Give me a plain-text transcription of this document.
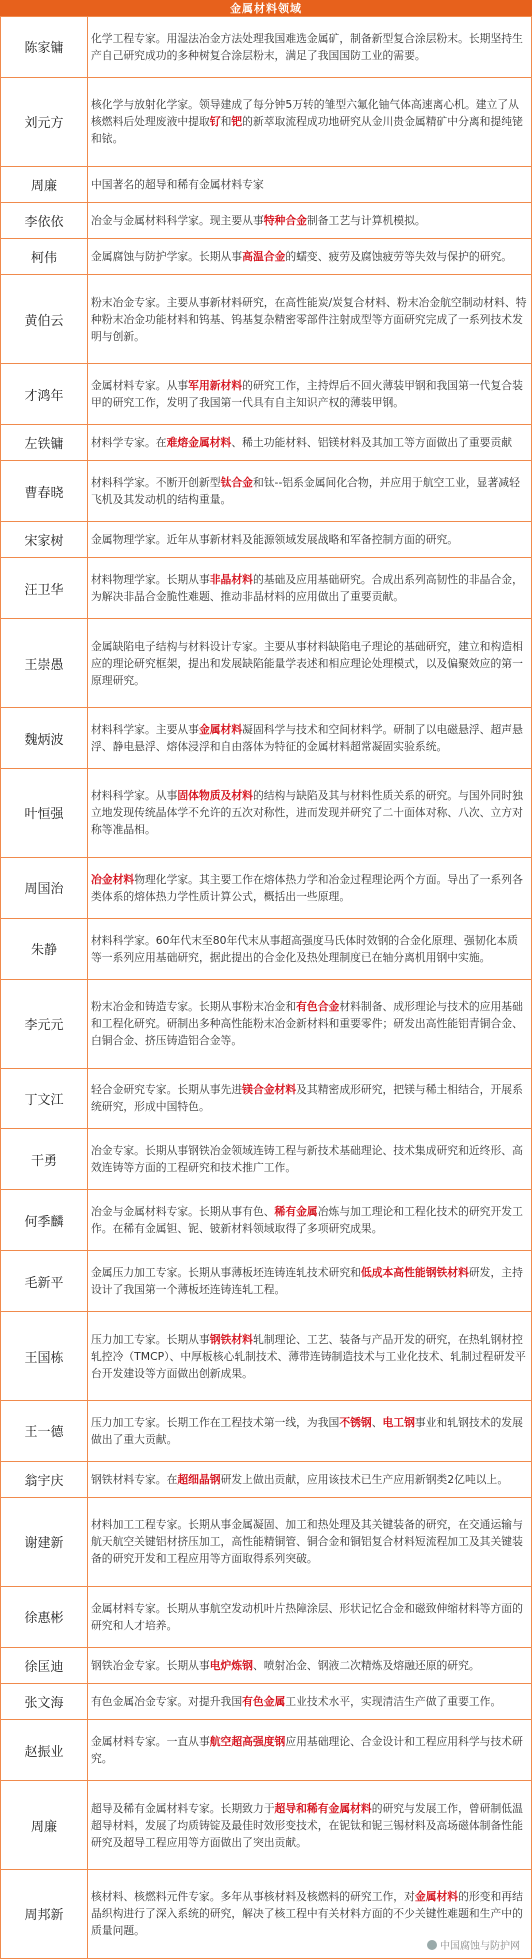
金属材料领域
陈家镛	化学工程专家。用湿法冶金方法处理我国难选金属矿，制备新型复合涂层粉末。长期坚持生产自己研究成功的多种树复合涂层粉末，满足了我国国防工业的需要。
刘元方	核化学与放射化学家。领导建成了每分钟5万转的雏型六氟化铀气体高速离心机。建立了从核燃料后处理废液中提取钌和钯的新萃取流程成功地研究从金川贵金属精矿中分离和提纯铑和铱。
周廉	中国著名的超导和稀有金属材料专家
李依依	冶金与金属材料科学家。现主要从事特种合金制备工艺与计算机模拟。
柯伟	金属腐蚀与防护学家。长期从事高温合金的蠕变、疲劳及腐蚀疲劳等失效与保护的研究。
黄伯云	粉末冶金专家。主要从事新材料研究，在高性能炭/炭复合材料、粉末冶金航空制动材料、特种粉末冶金功能材料和钨基、钨基复杂精密零部件注射成型等方面研究完成了一系列技术发明与创新。
才鸿年	金属材料专家。从事军用新材料的研究工作，主持焊后不回火薄装甲钢和我国第一代复合装甲的研究工作，发明了我国第一代具有自主知识产权的薄装甲钢。
左铁镛	材料学专家。在难熔金属材料、稀土功能材料、铝镁材料及其加工等方面做出了重要贡献
曹春晓	材料科学家。不断开创新型钛合金和钛--铝系金属间化合物，并应用于航空工业，显著减轻飞机及其发动机的结构重量。
宋家树	金属物理学家。近年从事新材料及能源领域发展战略和军备控制方面的研究。
汪卫华	材料物理学家。长期从事非晶材料的基础及应用基础研究。合成出系列高韧性的非晶合金，为解决非晶合金脆性难题、推动非晶材料的应用做出了重要贡献。
王崇愚	金属缺陷电子结构与材料设计专家。主要从事材料缺陷电子理论的基础研究，建立和构造相应的理论研究框架，提出和发展缺陷能量学表述和相应理论处理模式，以及偏聚效应的第一原理研究。
魏炳波	材料科学家。主要从事金属材料凝固科学与技术和空间材料学。研制了以电磁悬浮、超声悬浮、静电悬浮、熔体浸浮和自由落体为特征的金属材料超常凝固实验系统。
叶恒强	材料科学家。从事固体物质及材料的结构与缺陷及其与材料性质关系的研究。与国外同时独立地发现传统晶体学不允许的五次对称性，进而发现并研究了二十面体对称、八次、立方对称等准晶相。
周国治	冶金材料物理化学家。其主要工作在熔体热力学和冶金过程理论两个方面。导出了一系列各类体系的熔体热力学性质计算公式，概括出一些原理。
朱静	材料科学家。60年代末至80年代末从事超高强度马氏体时效钢的合金化原理、强韧化本质等一系列应用基础研究，据此提出的合金化及热处理制度已在轴分离机用钢中实施。
李元元	粉末冶金和铸造专家。长期从事粉末冶金和有色合金材料制备、成形理论与技术的应用基础和工程化研究。研制出多种高性能粉末冶金新材料和重要零件；研发出高性能铝青铜合金、白铜合金、挤压铸造铝合金等。
丁文江	轻合金研究专家。长期从事先进镁合金材料及其精密成形研究，把镁与稀土相结合，开展系统研究，形成中国特色。
干勇	冶金专家。长期从事钢铁冶金领域连铸工程与新技术基础理论、技术集成研究和近终形、高效连铸等方面的工程研究和技术推广工作。
何季麟	冶金与金属材料专家。长期从事有色、稀有金属冶炼与加工理论和工程化技术的研究开发工作。在稀有金属钽、铌、铍新材料领域取得了多项研究成果。
毛新平	金属压力加工专家。长期从事薄板坯连铸连轧技术研究和低成本高性能钢铁材料研发，主持设计了我国第一个薄板坯连铸连轧工程。
王国栋	压力加工专家。长期从事钢铁材料轧制理论、工艺、装备与产品开发的研究，在热轧钢材控轧控冷（TMCP）、中厚板核心轧制技术、薄带连铸制造技术与工业化技术、轧制过程研发平台开发建设等方面做出创新成果。
王一德	压力加工专家。长期工作在工程技术第一线，为我国不锈钢、电工钢事业和轧钢技术的发展做出了重大贡献。
翁宇庆	钢铁材料专家。在超细晶钢研发上做出贡献，应用该技术已生产应用新钢类2亿吨以上。
谢建新	材料加工工程专家。长期从事金属凝固、加工和热处理及其关键装备的研究，在交通运输与航天航空关键铝材挤压加工，高性能精铜管、铜合金和铜铝复合材料短流程加工及其关键装备的研究开发和工程应用等方面取得系列突破。
徐惠彬	金属材料专家。长期从事航空发动机叶片热障涂层、形状记忆合金和磁致伸缩材料等方面的研究和人才培养。
徐匡迪	钢铁冶金专家。长期从事电炉炼钢、喷射冶金、钢液二次精炼及熔融还原的研究。
张文海	有色金属冶金专家。对提升我国有色金属工业技术水平，实现清洁生产做了重要工作。
赵振业	金属材料专家。一直从事航空超高强度钢应用基础理论、合金设计和工程应用科学与技术研究。
周廉	超导及稀有金属材料专家。长期致力于超导和稀有金属材料的研究与发展工作，曾研制低温超导材料，发展了均质铸锭及最佳时效形变技术，在铌钛和铌三锡材料及高场磁体制备性能研究及超导工程应用等方面做出了突出贡献。
周邦新	核材料、核燃料元件专家。多年从事核材料及核燃料的研究工作，对金属材料的形变和再结晶织构进行了深入系统的研究，解决了核工程中有关材料方面的不少关键性难题和生产中的质量问题。
中国腐蚀与防护网
